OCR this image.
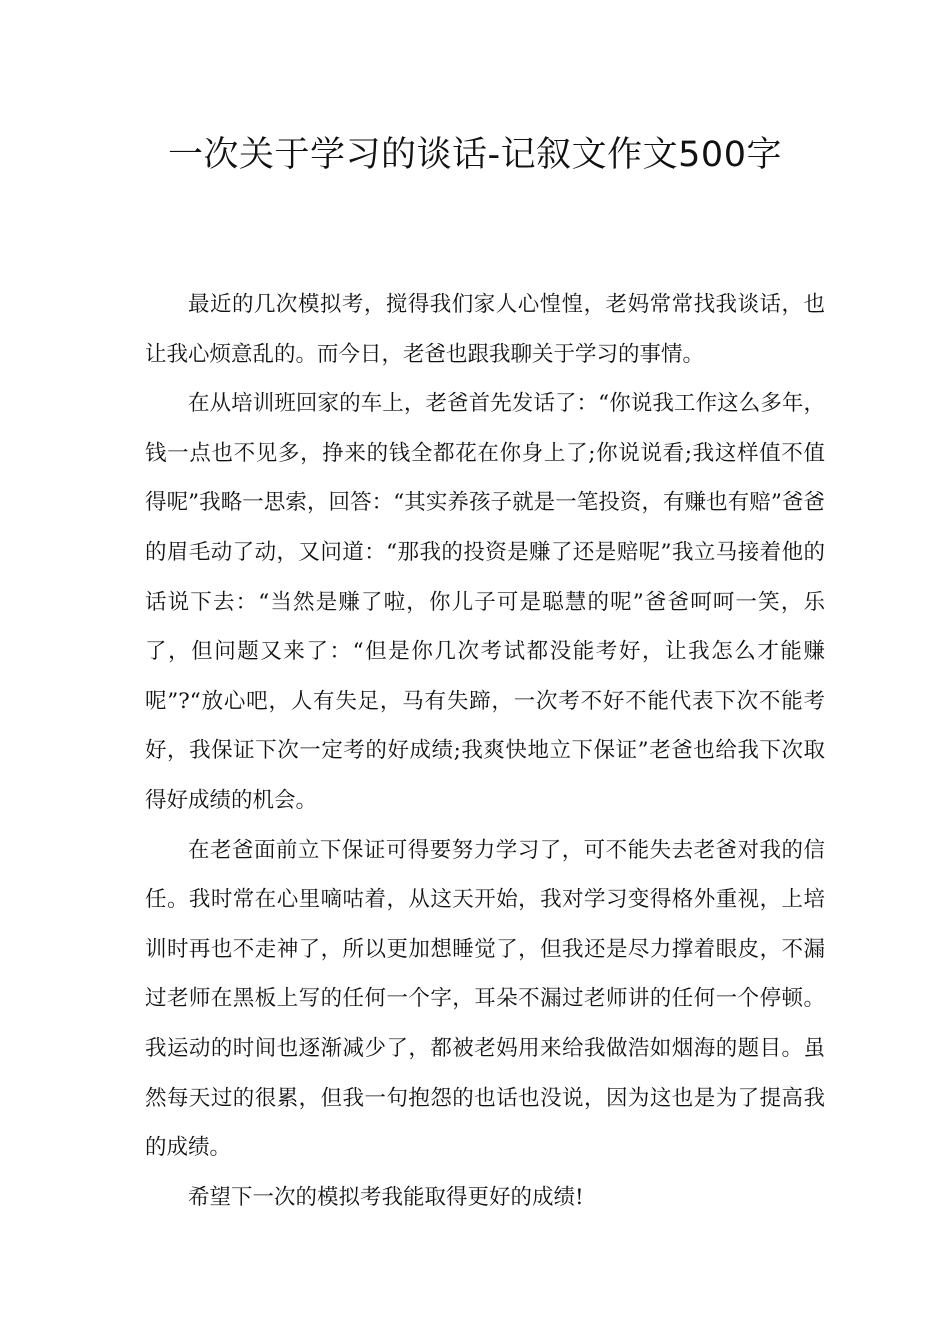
一次关于学习的谈话-记叙文作文500字

最近的几次模拟考，搅得我们家人心惶惶，老妈常常找我谈话，也让我心烦意乱的。而今日，老爸也跟我聊关于学习的事情。

在从培训班回家的车上，老爸首先发话了：“你说我工作这么多年，钱一点也不见多，挣来的钱全都花在你身上了;你说说看;我这样值不值得呢”我略一思索，回答：“其实养孩子就是一笔投资，有赚也有赔”爸爸的眉毛动了动，又问道：“那我的投资是赚了还是赔呢”我立马接着他的话说下去：“当然是赚了啦，你儿子可是聪慧的呢”爸爸呵呵一笑，乐了，但问题又来了：“但是你几次考试都没能考好，让我怎么才能赚呢”?“放心吧，人有失足，马有失蹄，一次考不好不能代表下次不能考好，我保证下次一定考的好成绩;我爽快地立下保证”老爸也给我下次取得好成绩的机会。

在老爸面前立下保证可得要努力学习了，可不能失去老爸对我的信任。我时常在心里嘀咕着，从这天开始，我对学习变得格外重视，上培训时再也不走神了，所以更加想睡觉了，但我还是尽力撑着眼皮，不漏过老师在黑板上写的任何一个字，耳朵不漏过老师讲的任何一个停顿。我运动的时间也逐渐减少了，都被老妈用来给我做浩如烟海的题目。虽然每天过的很累，但我一句抱怨的也话也没说，因为这也是为了提高我的成绩。

希望下一次的模拟考我能取得更好的成绩!
